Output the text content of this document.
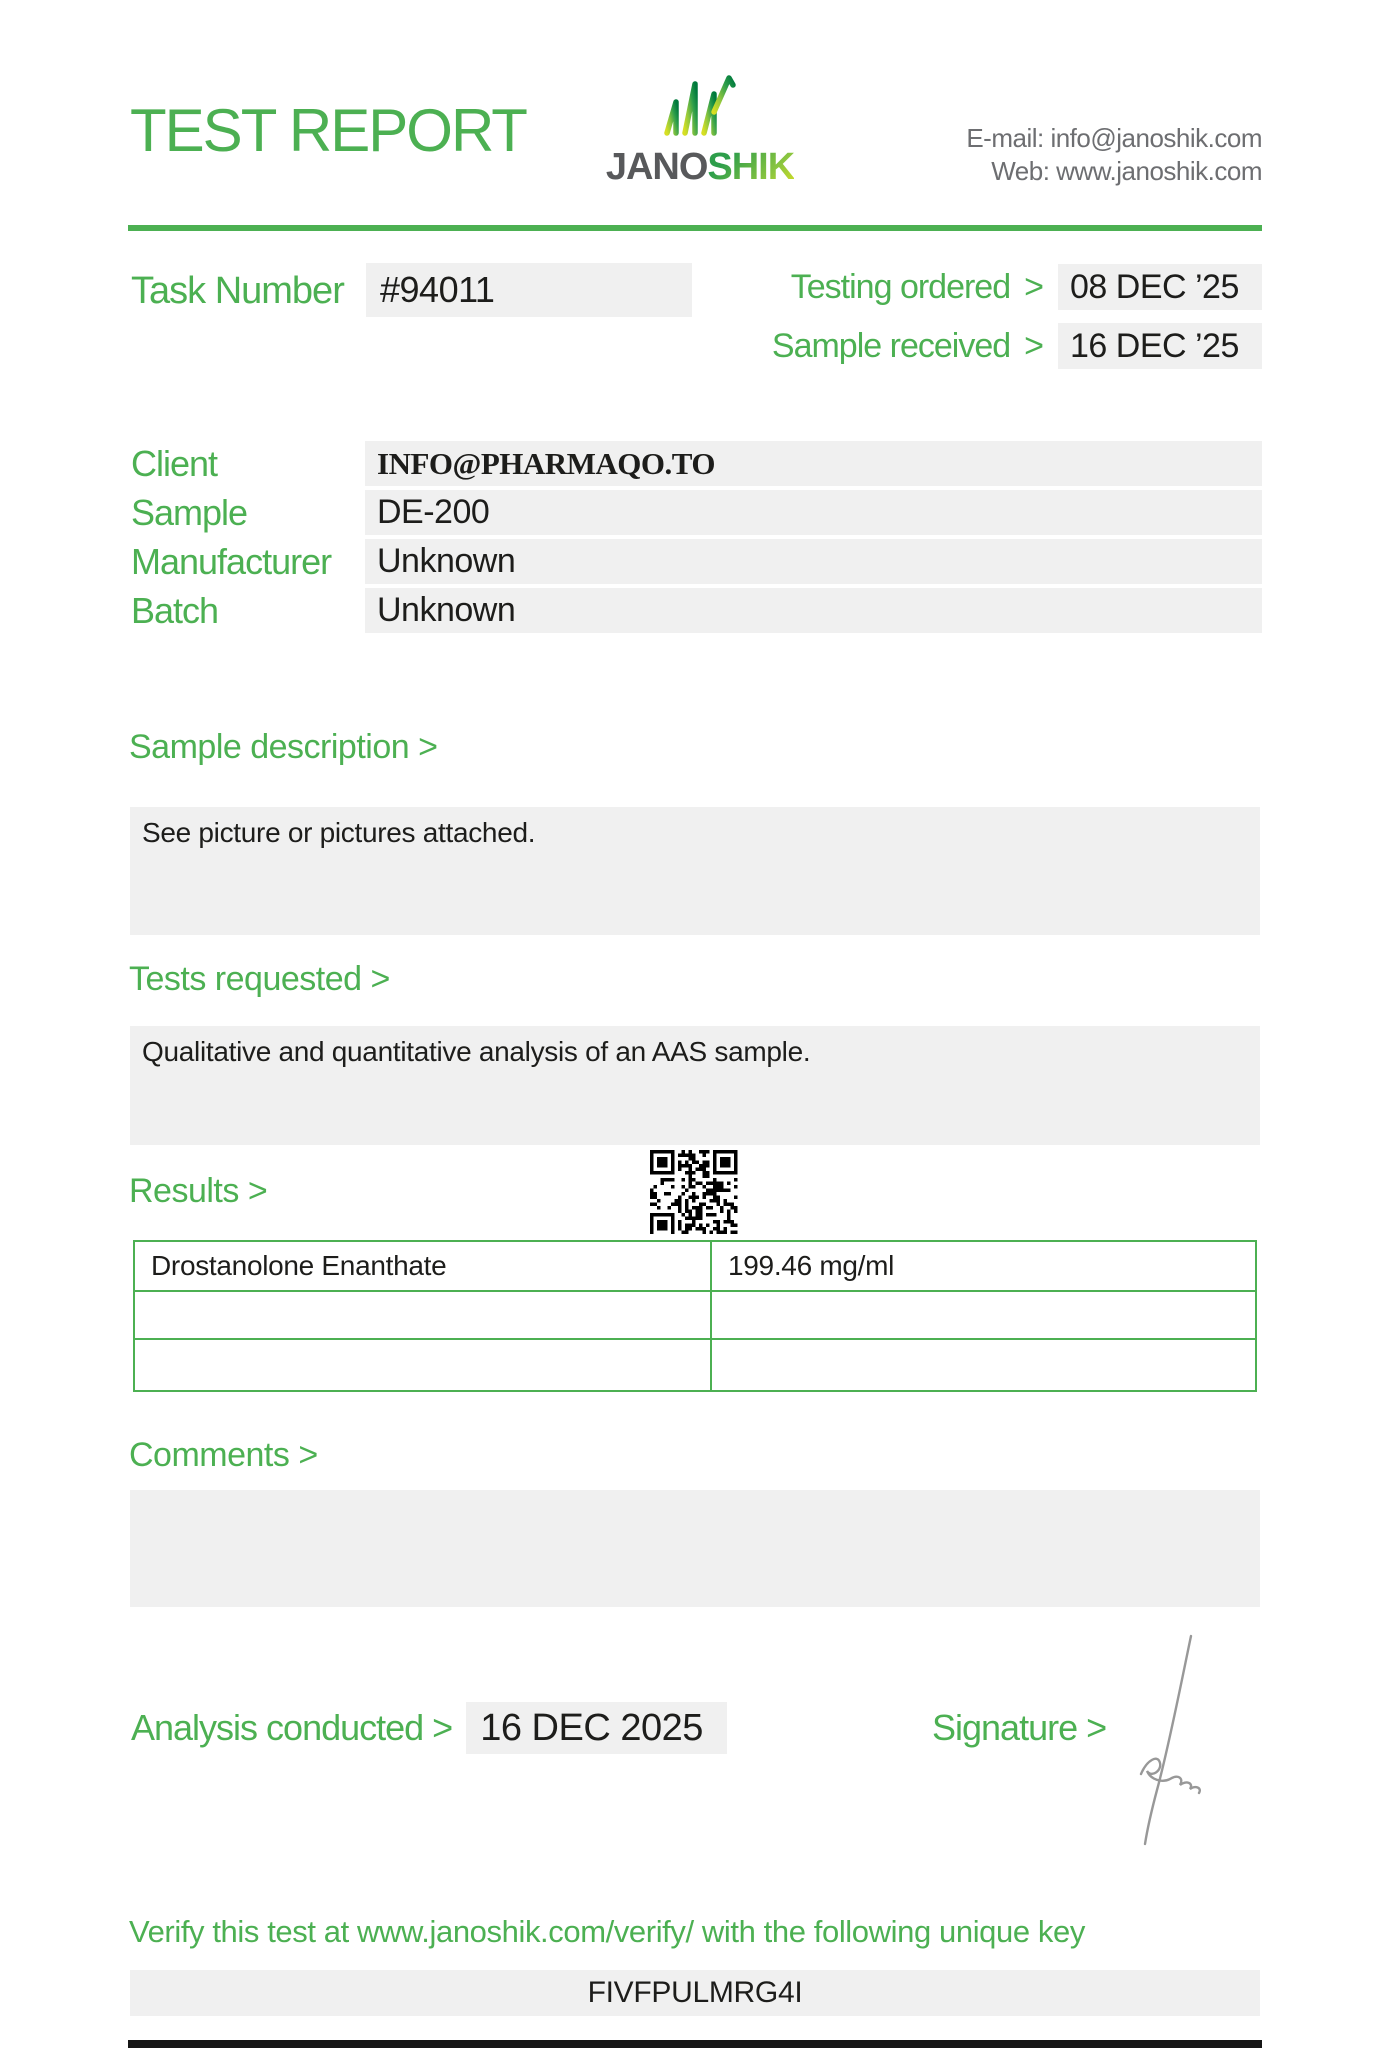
TEST REPORT
JANOSHIK
E-mail: info@janoshik.com
Web: www.janoshik.com
Task Number	#94011	Testing ordered > 08 DEC ’25
Sample received > 16 DEC ’25
Client	INFO@PHARMAQO.TO
Sample	DE-200
Manufacturer	Unknown
Batch	Unknown
Sample description >

See picture or pictures attached.

Tests requested >

Qualitative and quantitative analysis of an AAS sample.

Results >
Drostanolone Enanthate	199.46 mg/ml

Comments >

Analysis conducted > 16 DEC 2025	Signature >
Verify this test at www.janoshik.com/verify/ with the following unique key
FIVFPULMRG4I
